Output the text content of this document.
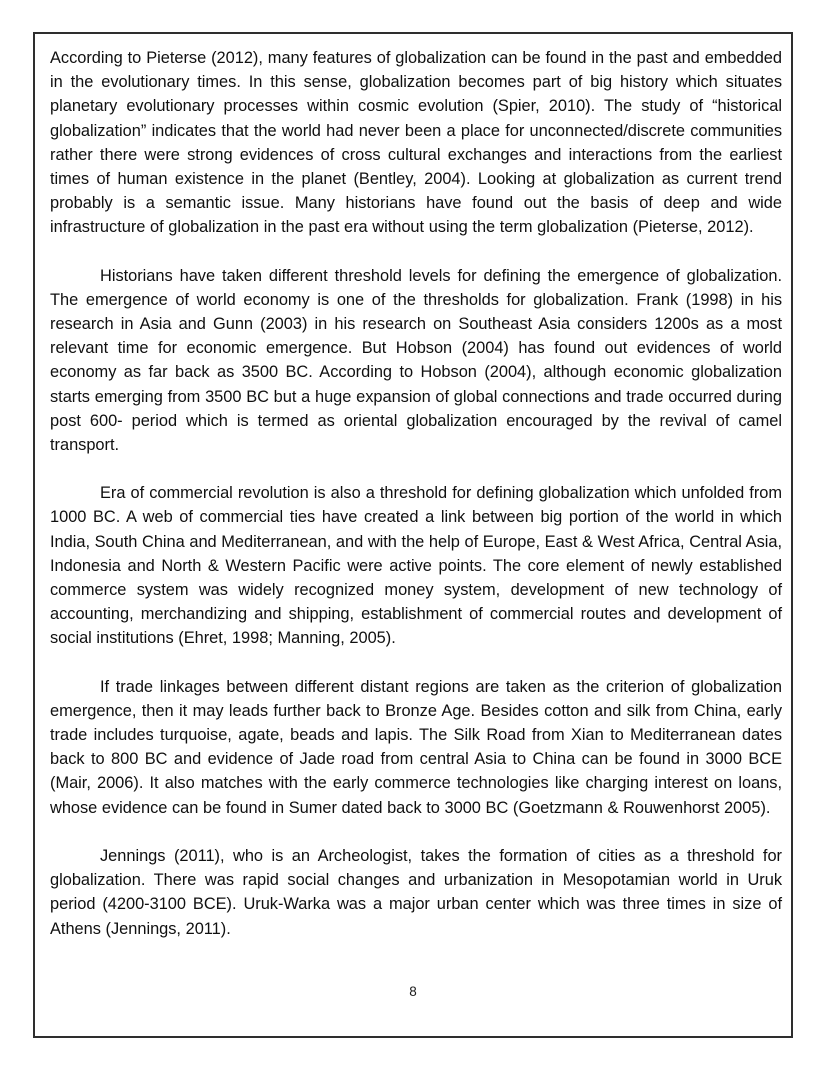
According to Pieterse (2012), many features of globalization can be found in the past and embedded in the evolutionary times. In this sense, globalization becomes part of big history which situates planetary evolutionary processes within cosmic evolution (Spier, 2010). The study of “historical globalization” indicates that the world had never been a place for unconnected/discrete communities rather there were strong evidences of cross cultural exchanges and interactions from the earliest times of human existence in the planet (Bentley, 2004). Looking at globalization as current trend probably is a semantic issue. Many historians have found out the basis of deep and wide infrastructure of globalization in the past era without using the term globalization (Pieterse, 2012).

Historians have taken different threshold levels for defining the emergence of globalization. The emergence of world economy is one of the thresholds for globalization. Frank (1998) in his research in Asia and Gunn (2003) in his research on Southeast Asia considers 1200s as a most relevant time for economic emergence. But Hobson (2004) has found out evidences of world economy as far back as 3500 BC. According to Hobson (2004), although economic globalization starts emerging from 3500 BC but a huge expansion of global connections and trade occurred during post 600- period which is termed as oriental globalization encouraged by the revival of camel transport.

Era of commercial revolution is also a threshold for defining globalization which unfolded from 1000 BC. A web of commercial ties have created a link between big portion of the world in which India, South China and Mediterranean, and with the help of Europe, East & West Africa, Central Asia, Indonesia and North & Western Pacific were active points. The core element of newly established commerce system was widely recognized money system, development of new technology of accounting, merchandizing and shipping, establishment of commercial routes and development of social institutions (Ehret, 1998; Manning, 2005).

If trade linkages between different distant regions are taken as the criterion of globalization emergence, then it may leads further back to Bronze Age. Besides cotton and silk from China, early trade includes turquoise, agate, beads and lapis. The Silk Road from Xian to Mediterranean dates back to 800 BC and evidence of Jade road from central Asia to China can be found in 3000 BCE (Mair, 2006). It also matches with the early commerce technologies like charging interest on loans, whose evidence can be found in Sumer dated back to 3000 BC (Goetzmann & Rouwenhorst 2005).

Jennings (2011), who is an Archeologist, takes the formation of cities as a threshold for globalization. There was rapid social changes and urbanization in Mesopotamian world in Uruk period (4200-3100 BCE). Uruk-Warka was a major urban center which was three times in size of Athens (Jennings, 2011).

8
